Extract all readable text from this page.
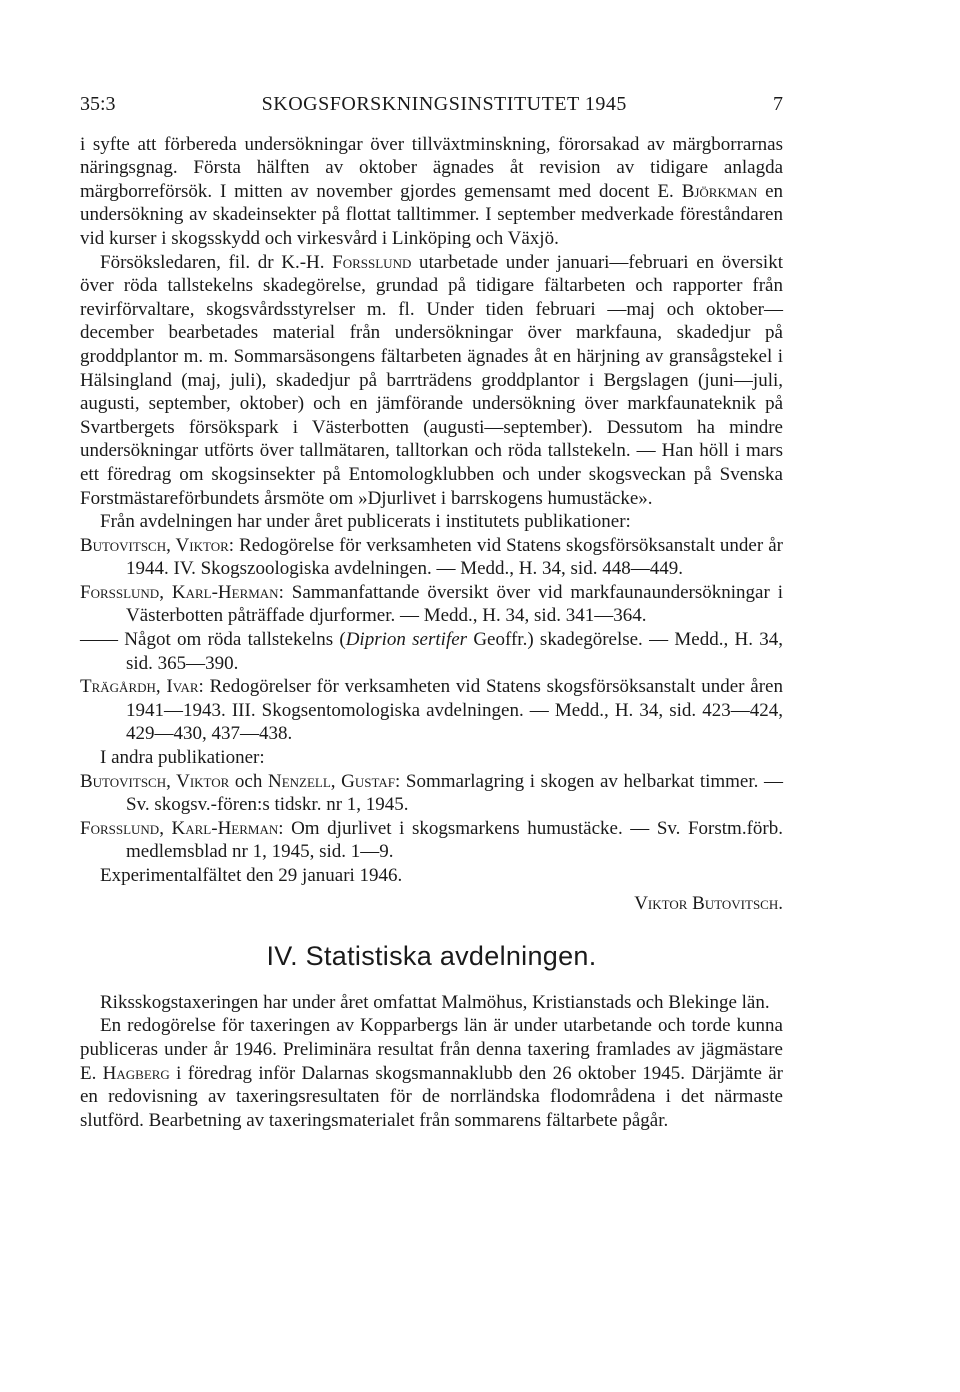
35:3	SKOGSFORSKNINGSINSTITUTET 1945	7

i syfte att förbereda undersökningar över tillväxtminskning, förorsakad av märgborrarnas näringsgnag. Första hälften av oktober ägnades åt revision av tidigare anlagda märgborreförsök. I mitten av november gjordes gemensamt med docent E. Björkman en undersökning av skadeinsekter på flottat talltimmer. I september medverkade föreståndaren vid kurser i skogsskydd och virkesvård i Linköping och Växjö.

Försöksledaren, fil. dr K.-H. Forsslund utarbetade under januari—februari en översikt över röda tallstekelns skadegörelse, grundad på tidigare fältarbeten och rapporter från revirförvaltare, skogsvårdsstyrelser m. fl. Under tiden februari —maj och oktober—december bearbetades material från undersökningar över markfauna, skadedjur på groddplantor m. m. Sommarsäsongens fältarbeten ägnades åt en härjning av gransågstekel i Hälsingland (maj, juli), skadedjur på barrträdens groddplantor i Bergslagen (juni—juli, augusti, september, oktober) och en jämförande undersökning över markfaunateknik på Svartbergets försökspark i Västerbotten (augusti—september). Dessutom ha mindre undersökningar utförts över tallmätaren, talltorkan och röda tallstekeln. — Han höll i mars ett föredrag om skogsinsekter på Entomologklubben och under skogsveckan på Svenska Forstmästareförbundets årsmöte om »Djurlivet i barrskogens humustäcke».

Från avdelningen har under året publicerats i institutets publikationer:

Butovitsch, Viktor: Redogörelse för verksamheten vid Statens skogsförsöksanstalt under år 1944. IV. Skogszoologiska avdelningen. — Medd., H. 34, sid. 448—449.

Forsslund, Karl-Herman: Sammanfattande översikt över vid markfaunaundersökningar i Västerbotten påträffade djurformer. — Medd., H. 34, sid. 341—364.

—— Något om röda tallstekelns (Diprion sertifer Geoffr.) skadegörelse. — Medd., H. 34, sid. 365—390.

Trägårdh, Ivar: Redogörelser för verksamheten vid Statens skogsförsöksanstalt under åren 1941—1943. III. Skogsentomologiska avdelningen. — Medd., H. 34, sid. 423—424, 429—430, 437—438.

I andra publikationer:

Butovitsch, Viktor och Nenzell, Gustaf: Sommarlagring i skogen av helbarkat timmer. — Sv. skogsv.-fören:s tidskr. nr 1, 1945.

Forsslund, Karl-Herman: Om djurlivet i skogsmarkens humustäcke. — Sv. Forstm.förb. medlemsblad nr 1, 1945, sid. 1—9.

Experimentalfältet den 29 januari 1946.

Viktor Butovitsch.

IV. Statistiska avdelningen.

Riksskogstaxeringen har under året omfattat Malmöhus, Kristianstads och Blekinge län.

En redogörelse för taxeringen av Kopparbergs län är under utarbetande och torde kunna publiceras under år 1946. Preliminära resultat från denna taxering framlades av jägmästare E. Hagberg i föredrag inför Dalarnas skogsmannaklubb den 26 oktober 1945. Därjämte är en redovisning av taxeringsresultaten för de norrländska flodområdena i det närmaste slutförd. Bearbetning av taxeringsmaterialet från sommarens fältarbete pågår.
